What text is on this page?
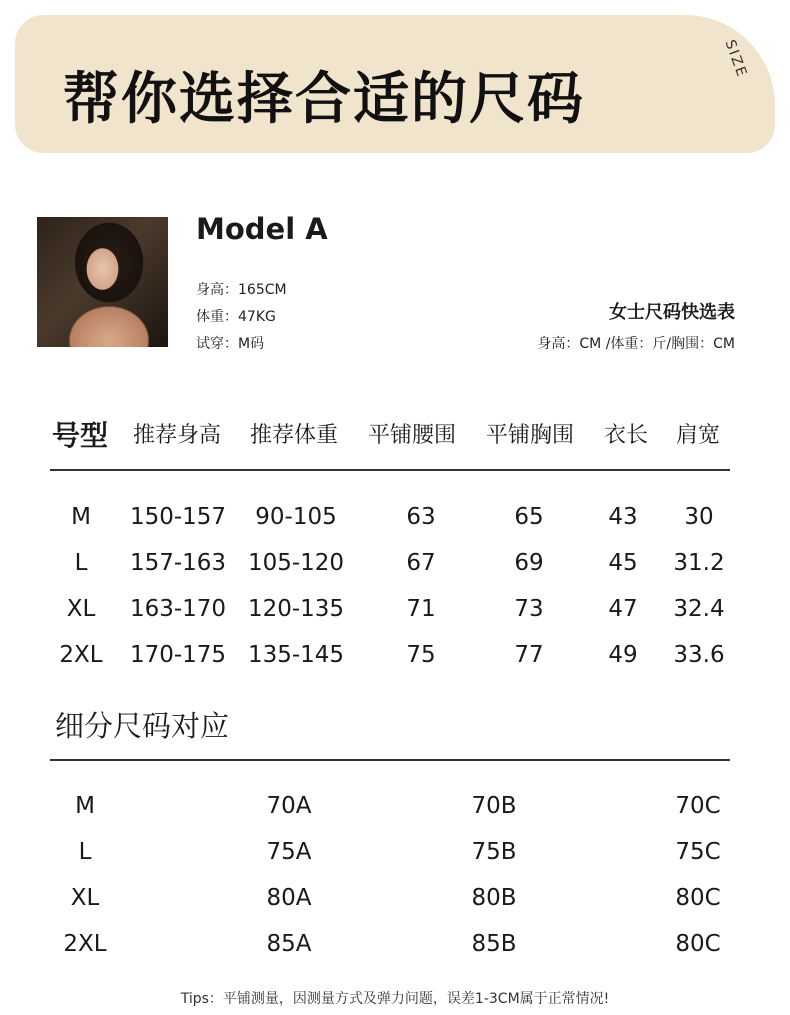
帮你选择合适的尺码
SIZE
Model A
身高：165CM
体重：47KG
试穿：M码
女士尺码快选表
身高：CM /体重：斤/胸围：CM
号型 推荐身高 推荐体重 平铺腰围 平铺胸围 衣长 肩宽
M 150-157 90-105	63	65	43 30
L 157-163 105-120	67	69	45 31.2
XL 163-170 120-135	71	73	47 32.4
2XL 170-175 135-145	75	77	49 33.6
细分尺码对应
M	70A	70B	70C
L	75A	75B	75C
XL	80A	80B	80C
2XL	85A	85B	80C
Tips：平铺测量，因测量方式及弹力问题，误差1-3CM属于正常情况!
